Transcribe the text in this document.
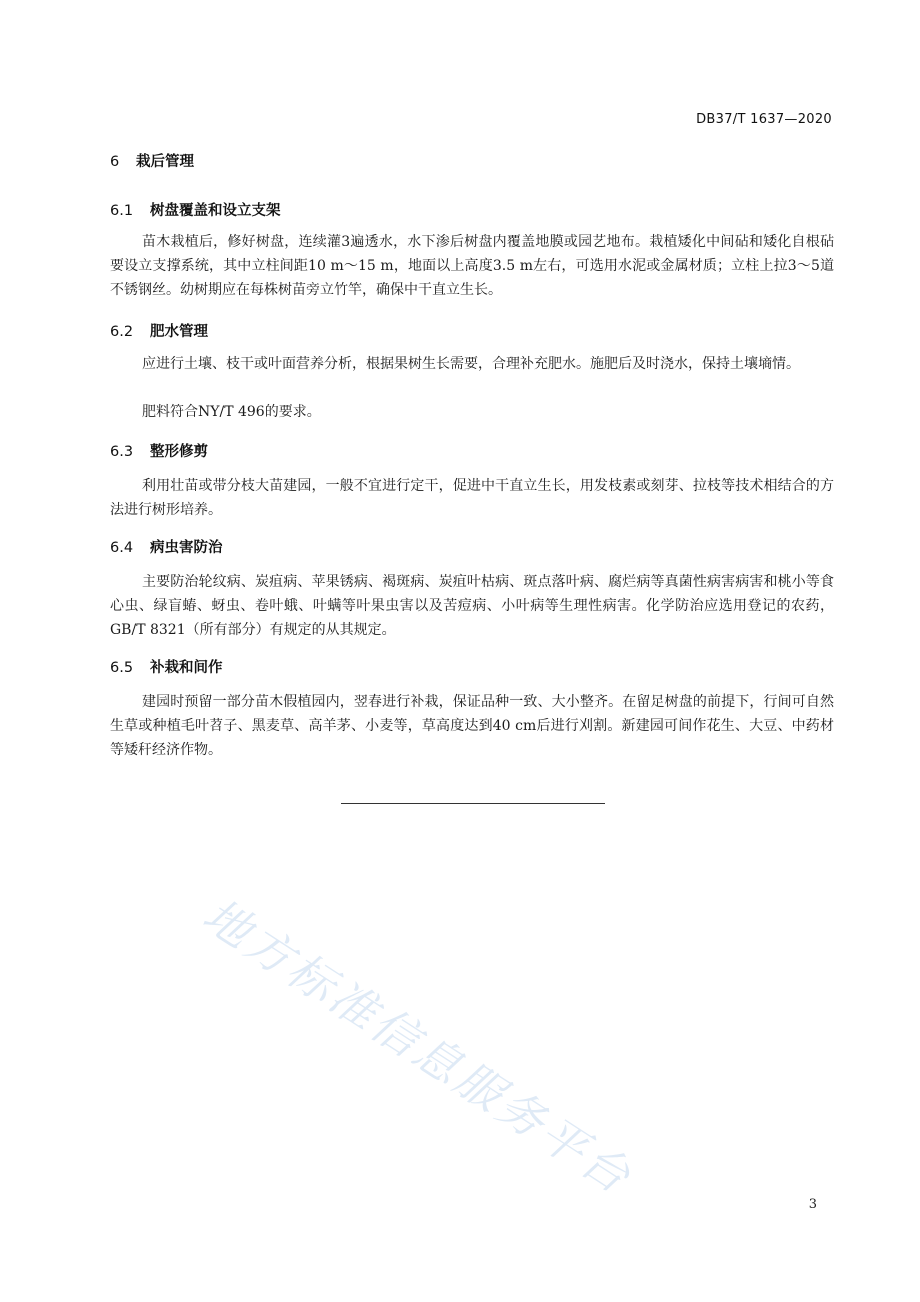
DB37/T 1637—2020
6 栽后管理
6.1 树盘覆盖和设立支架

苗木栽植后，修好树盘，连续灌3遍透水，水下渗后树盘内覆盖地膜或园艺地布。栽植矮化中间砧和矮化自根砧要设立支撑系统，其中立柱间距10 m～15 m，地面以上高度3.5 m左右，可选用水泥或金属材质；立柱上拉3～5道不锈钢丝。幼树期应在每株树苗旁立竹竿，确保中干直立生长。

6.2 肥水管理

应进行土壤、枝干或叶面营养分析，根据果树生长需要，合理补充肥水。施肥后及时浇水，保持土壤墒情。

肥料符合NY/T 496的要求。

6.3 整形修剪

利用壮苗或带分枝大苗建园，一般不宜进行定干，促进中干直立生长，用发枝素或刻芽、拉枝等技术相结合的方法进行树形培养。

6.4 病虫害防治

主要防治轮纹病、炭疽病、苹果锈病、褐斑病、炭疽叶枯病、斑点落叶病、腐烂病等真菌性病害病害和桃小等食心虫、绿盲蝽、蚜虫、卷叶蛾、叶螨等叶果虫害以及苦痘病、小叶病等生理性病害。化学防治应选用登记的农药，GB/T 8321（所有部分）有规定的从其规定。

6.5 补栽和间作

建园时预留一部分苗木假植园内，翌春进行补栽，保证品种一致、大小整齐。在留足树盘的前提下，行间可自然生草或种植毛叶苕子、黑麦草、高羊茅、小麦等，草高度达到40 cm后进行刈割。新建园可间作花生、大豆、中药材等矮秆经济作物。

地方标准信息服务平台	3
